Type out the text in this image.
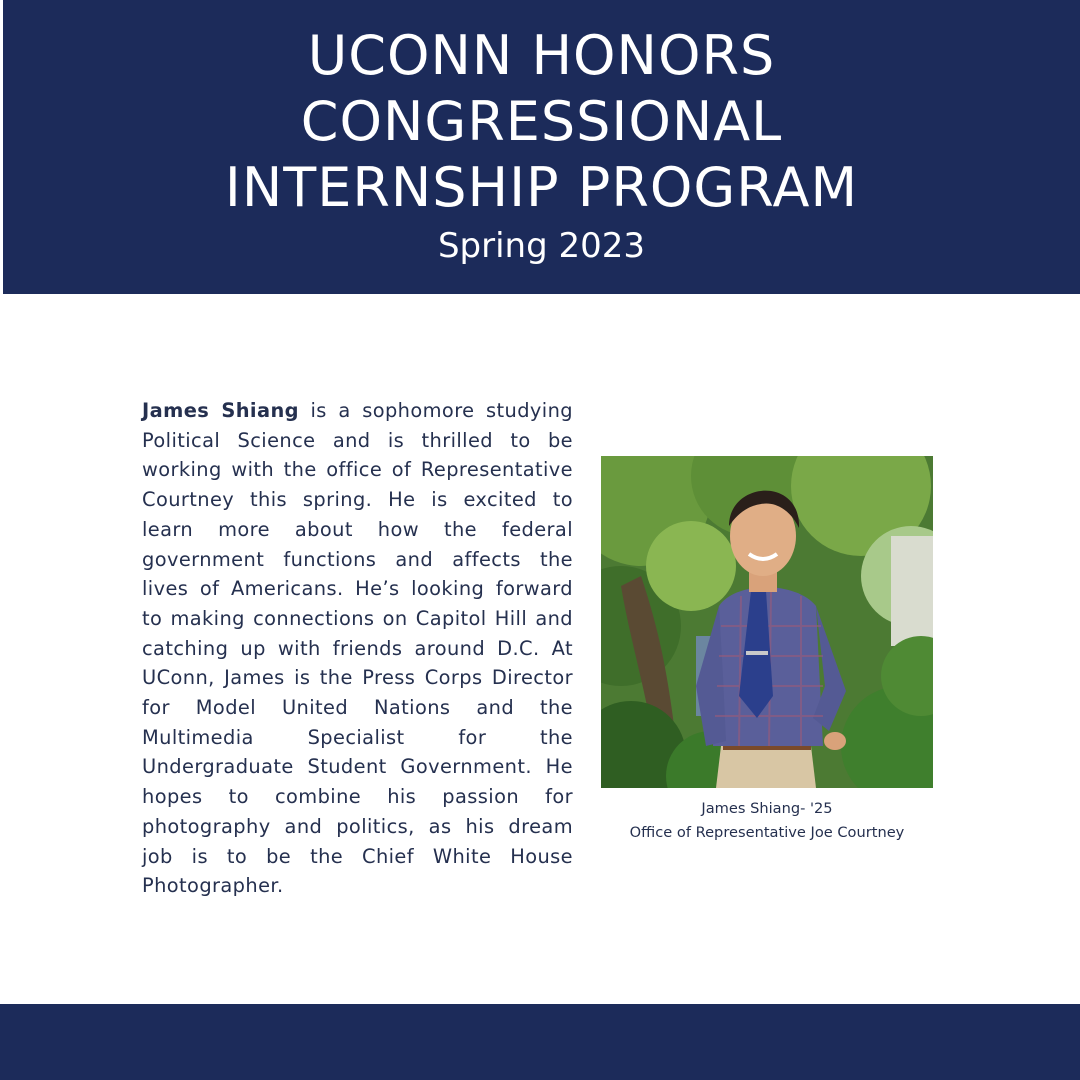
UCONN HONORS
CONGRESSIONAL
INTERNSHIP PROGRAM
Spring 2023
James Shiang is a sophomore studying Political Science and is thrilled to be working with the office of Representative Courtney this spring. He is excited to learn more about how the federal government functions and affects the lives of Americans. He’s looking forward to making connections on Capitol Hill and catching up with friends around D.C. At UConn, James is the Press Corps Director for Model United Nations and the Multimedia Specialist for the Undergraduate Student Government. He hopes to combine his passion for photography and politics, as his dream job is to be the Chief White House Photographer.
James Shiang- '25
Office of Representative Joe Courtney
